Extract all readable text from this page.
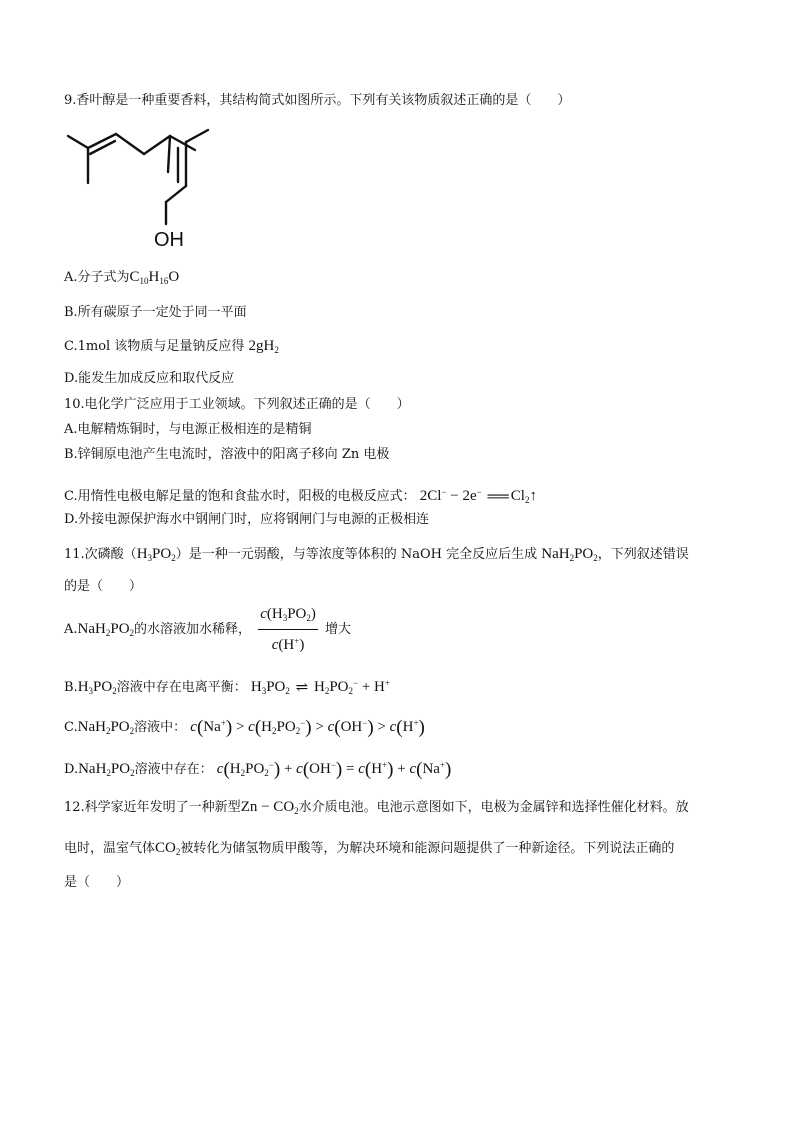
9.香叶醇是一种重要香料，其结构简式如图所示。下列有关该物质叙述正确的是（　　）
OH
A.分子式为$C_{10}H_{16}O$
B.所有碳原子一定处于同一平面
C.1mol 该物质与足量钠反应得 $2gH_2$
D.能发生加成反应和取代反应
10.电化学广泛应用于工业领域。下列叙述正确的是（　　）
A.电解精炼铜时，与电源正极相连的是精铜
B.锌铜原电池产生电流时，溶液中的阳离子移向 Zn 电极
C.用惰性电极电解足量的饱和食盐水时，阳极的电极反应式： 2Cl− − 2e− ══ $Cl_2↑$
D.外接电源保护海水中钢闸门时，应将钢闸门与电源的正极相连
11.次磷酸$(H_3PO_2)$是一种一元弱酸，与等浓度等体积的 NaOH 完全反应后生成 $NaH_2PO_2$，下列叙述错误
的是（　　）
$A.NaH_2PO_2$的水溶液加水稀释， $\frac{c(H_3PO_2)}{c(H^+)}$ 增大
$B.H_3PO_2$溶液中存在电离平衡： $H_3PO_2$ ⇌ $H_2PO_2^- + H^+$
$C.NaH_2PO_2$溶液中： $c(Na^+) > c(H_2PO_2^-) > c(OH^-) > c(H^+)$
$D.NaH_2PO_2$溶液中存在： $c(H_2PO_2^-) + c(OH^-) = c(H^+) + c(Na^+)$
12.科学家近年发明了一种新型$Zn - CO_2$水介质电池。电池示意图如下，电极为金属锌和选择性催化材料。放
电时，温室气体$CO_2$被转化为储氢物质甲酸等，为解决环境和能源问题提供了一种新途径。下列说法正确的
是（　　）
